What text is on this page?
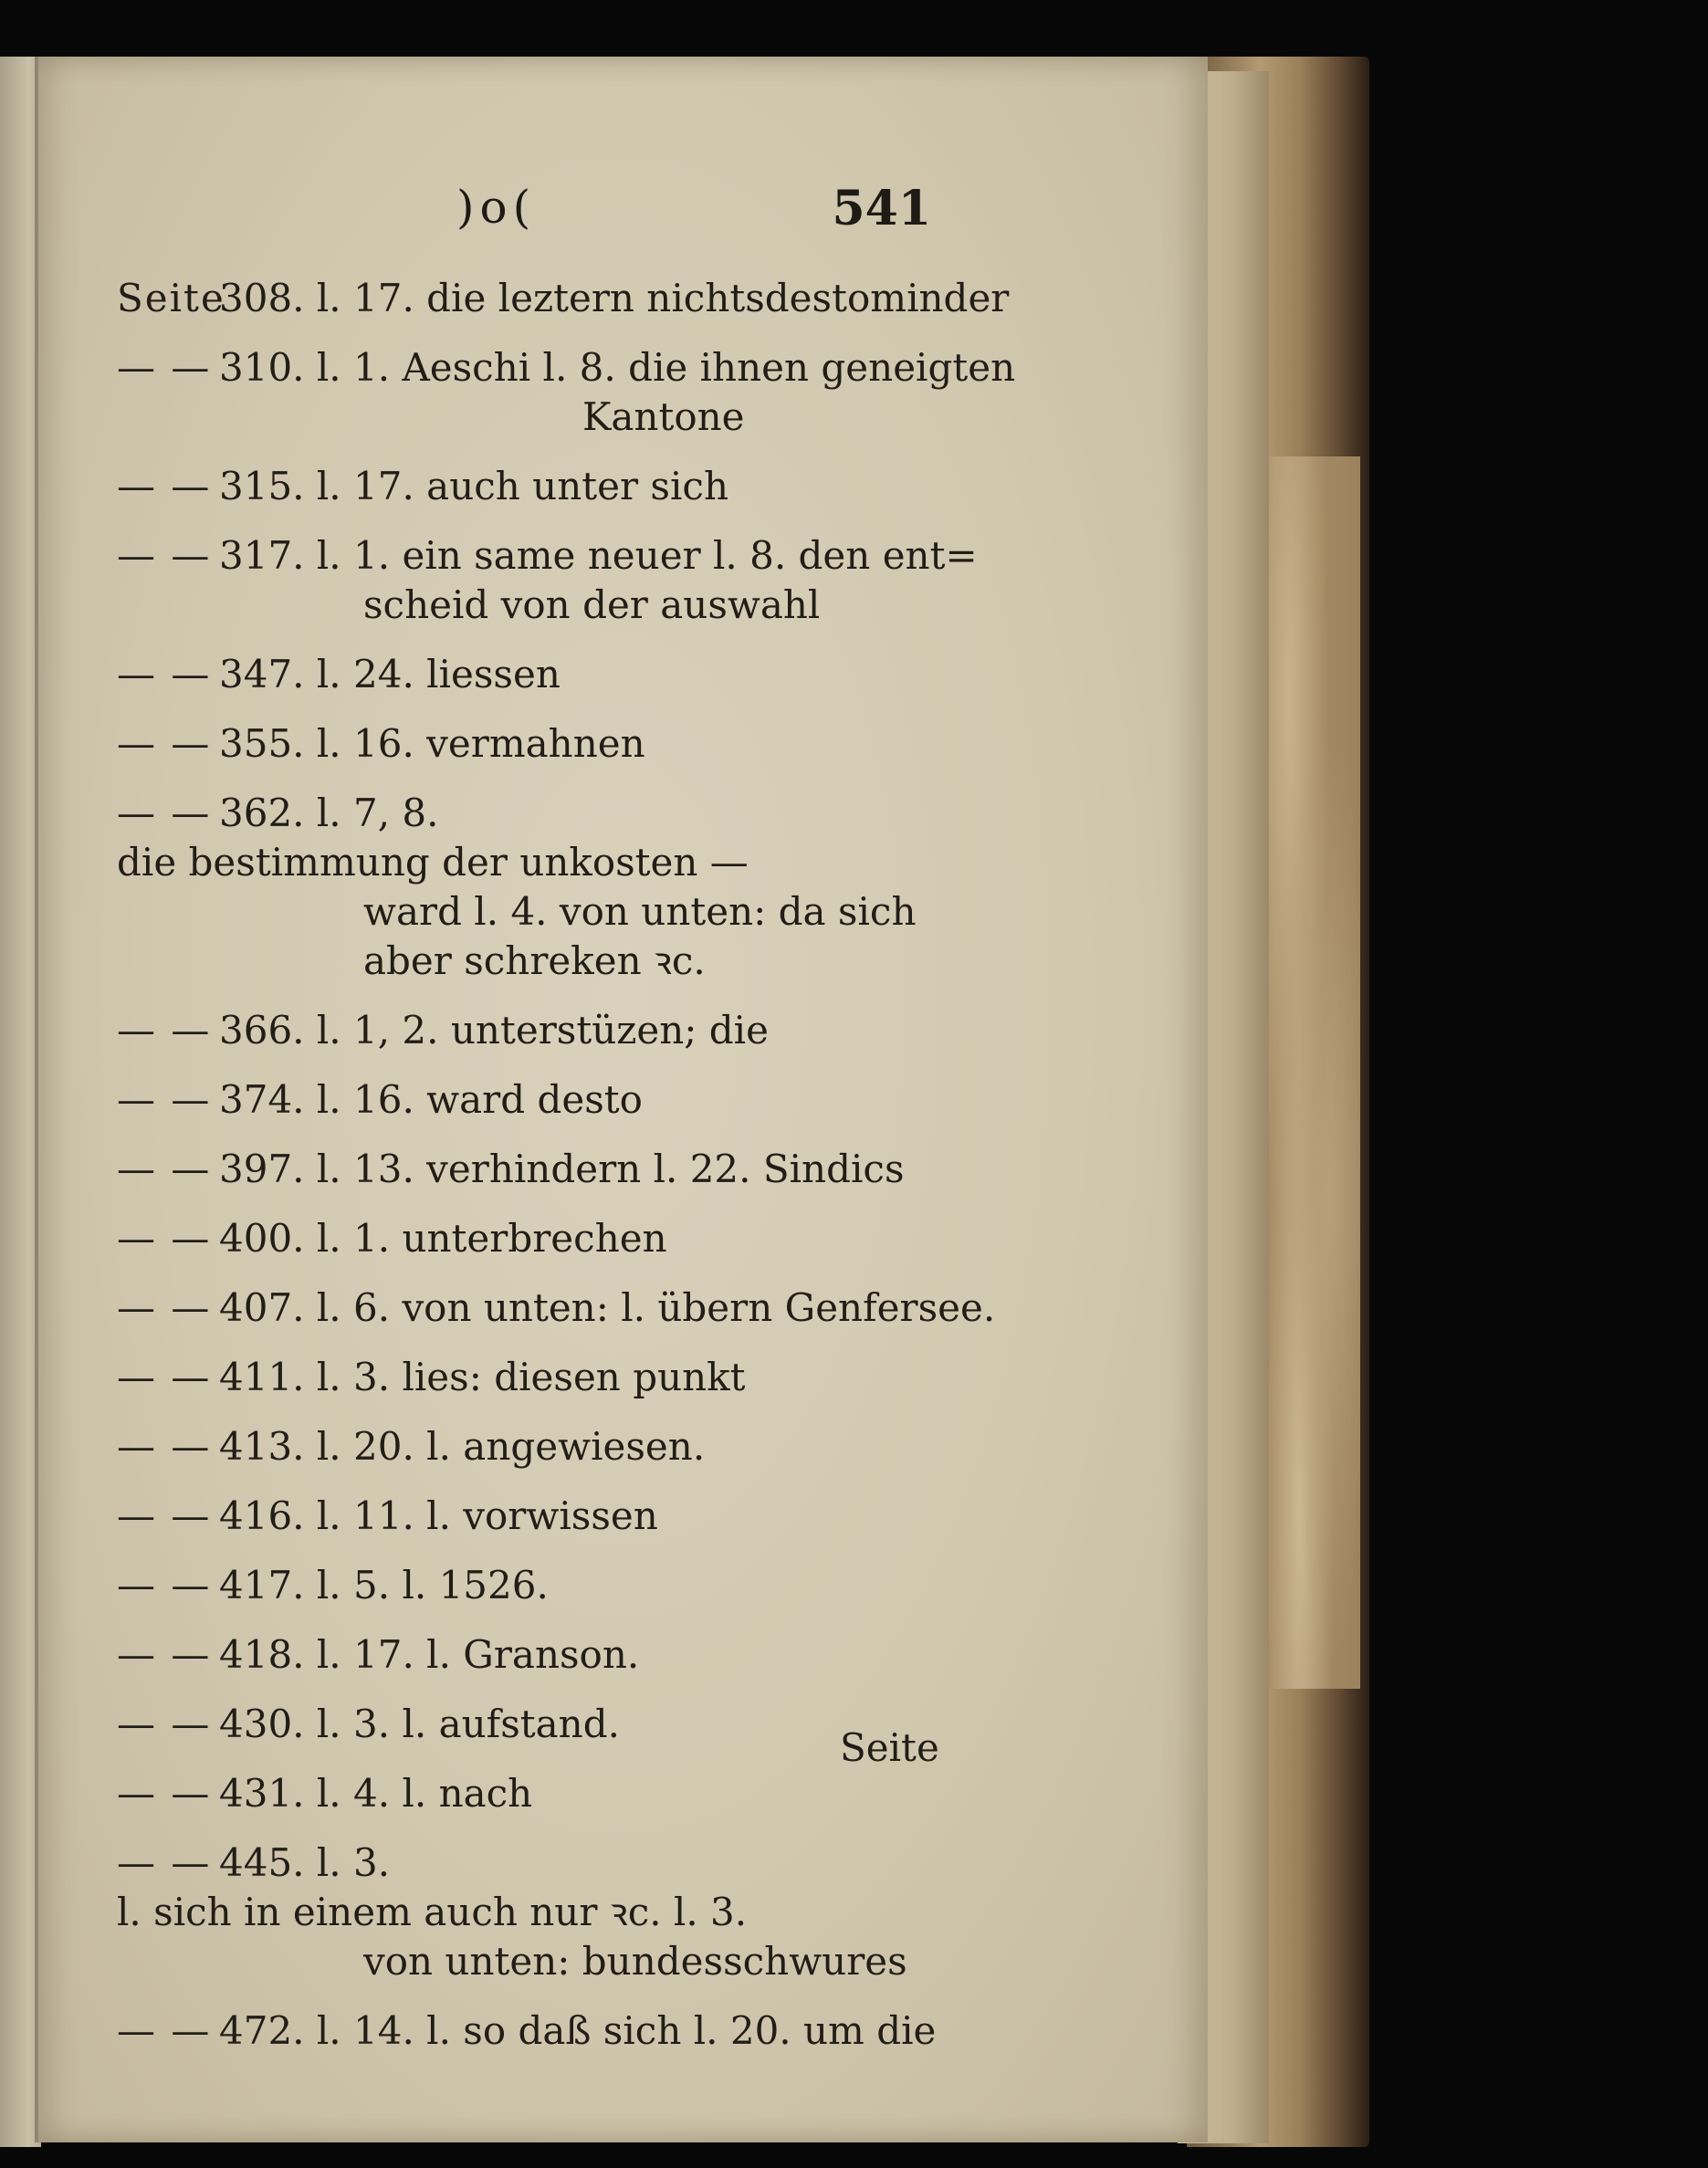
)o(	541
Seite308. l. 17. die leztern nichtsdestominder
— — 310. l. 1. Aeschi l. 8. die ihnen geneigten
Kantone
— — 315. l. 17. auch unter sich
— — 317. l. 1. ein same neuer l. 8. den ent=
scheid von der auswahl
— — 347. l. 24. liessen
— — 355. l. 16. vermahnen
— — 362. l. 7, 8. die bestimmung der unkosten —
ward l. 4. von unten: da sich
aber schreken ꝛc.
— — 366. l. 1, 2. unterstüzen; die
— — 374. l. 16. ward desto
— — 397. l. 13. verhindern l. 22. Sindics
— — 400. l. 1. unterbrechen
— — 407. l. 6. von unten: l. übern Genfersee.
— — 411. l. 3. lies: diesen punkt
— — 413. l. 20. l. angewiesen.
— — 416. l. 11. l. vorwissen
— — 417. l. 5. l. 1526.
— — 418. l. 17. l. Granson.
— — 430. l. 3. l. aufstand.
— — 431. l. 4. l. nach
— — 445. l. 3. l. sich in einem auch nur ꝛc. l. 3.
von unten: bundesschwures
— — 472. l. 14. l. so daß sich l. 20. um die
Seite
